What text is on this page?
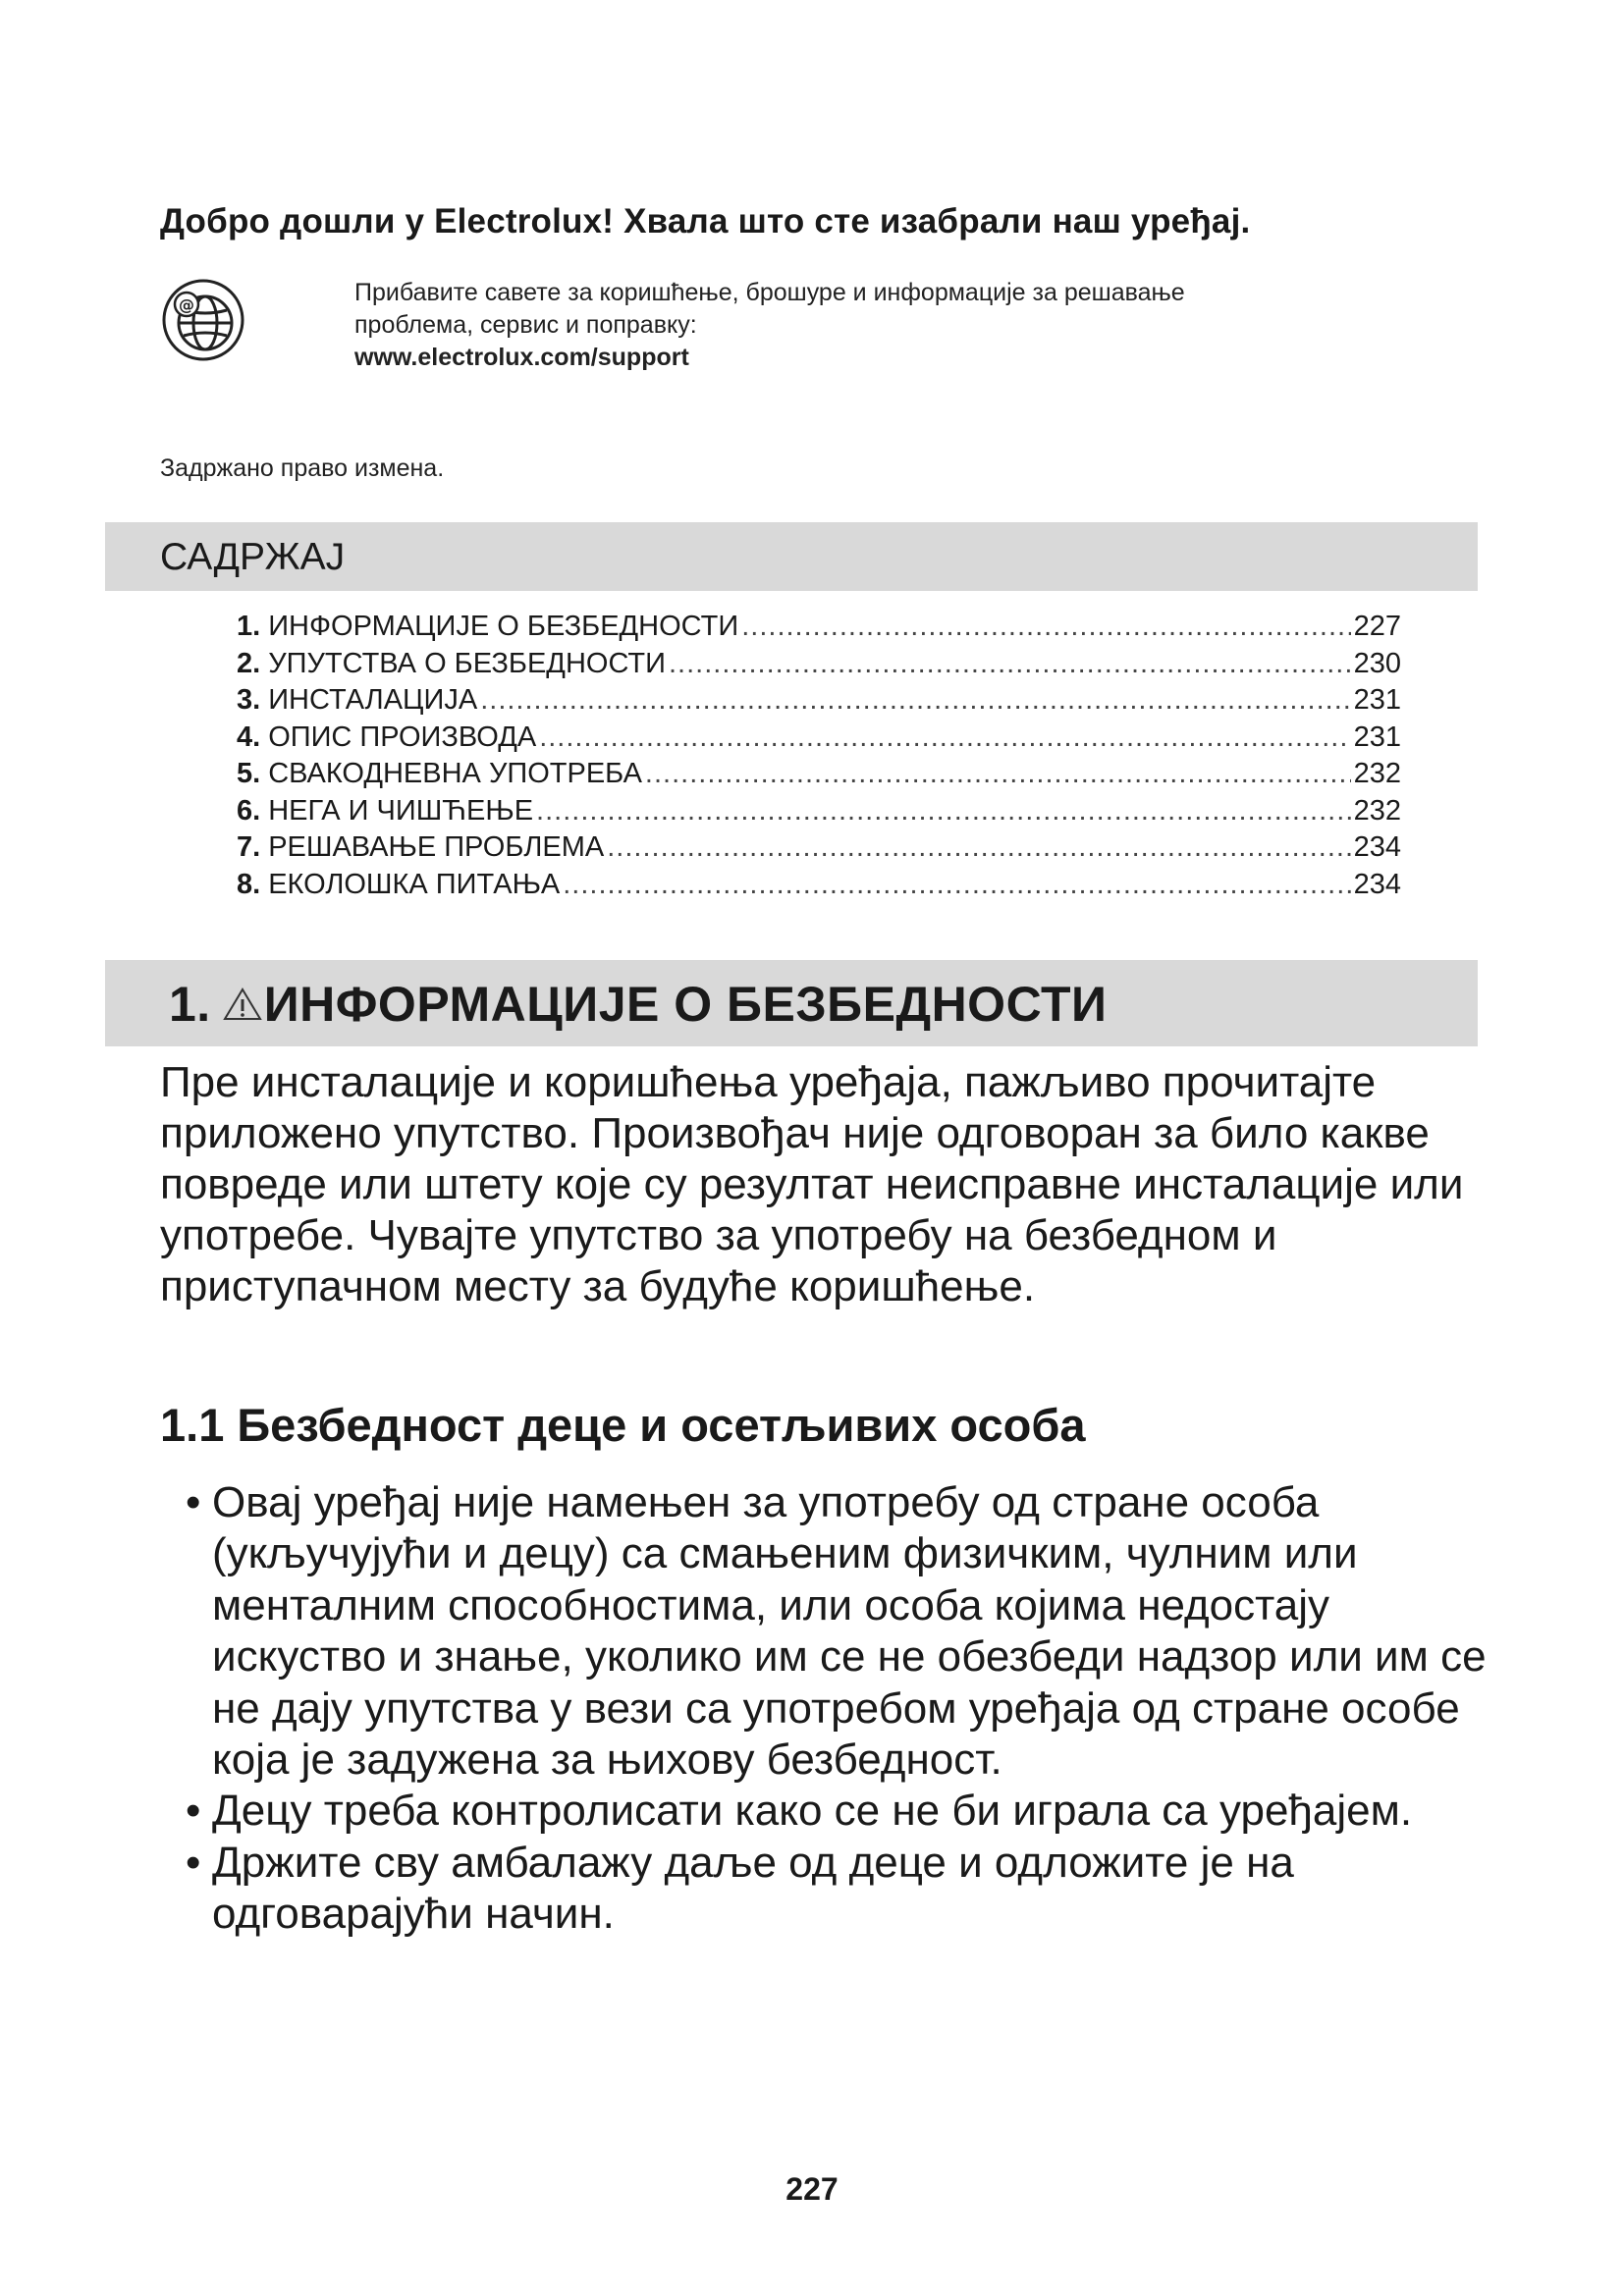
Добро дошли у Electrolux! Хвала што сте изабрали наш уређај.
@	Прибавите савете за коришћење, брошуре и информације за решавање
проблема, сервис и поправку:
www.electrolux.com/support
Задржано право измена.
САДРЖАЈ
1. ИНФОРМАЦИЈЕ О БЕЗБЕДНОСТИ .....	227
2. УПУТСТВА О БЕЗБЕДНОСТИ .....	230
3. ИНСТАЛАЦИЈА .....	231
4. ОПИС ПРОИЗВОДА .....	231
5. СВАКОДНЕВНА УПОТРЕБА .....	232
6. НЕГА И ЧИШЋЕЊЕ .....	232
7. РЕШАВАЊЕ ПРОБЛЕМА .....	234
8. ЕКОЛОШКА ПИТАЊА .....	234
1. ИНФОРМАЦИЈЕ О БЕЗБЕДНОСТИ

Пре инсталације и коришћења уређаја, пажљиво прочитајте приложено упутство. Произвођач није одговоран за било какве повреде или штету које су резултат неисправне инсталације или употребе. Чувајте упутство за употребу на безбедном и приступачном месту за будуће коришћење.

1.1 Безбедност деце и осетљивих особа
• Овај уређај није намењен за употребу од стране особа (укључујући и децу) са смањеним физичким, чулним или менталним способностима, или особа којима недостају искуство и знање, уколико им се не обезбеди надзор или им се не дају упутства у вези са употребом уређаја од стране особе која је задужена за њихову безбедност.
• Децу треба контролисати како се не би играла са уређајем.
• Држите сву амбалажу даље од деце и одложите је на одговарајући начин.
227
